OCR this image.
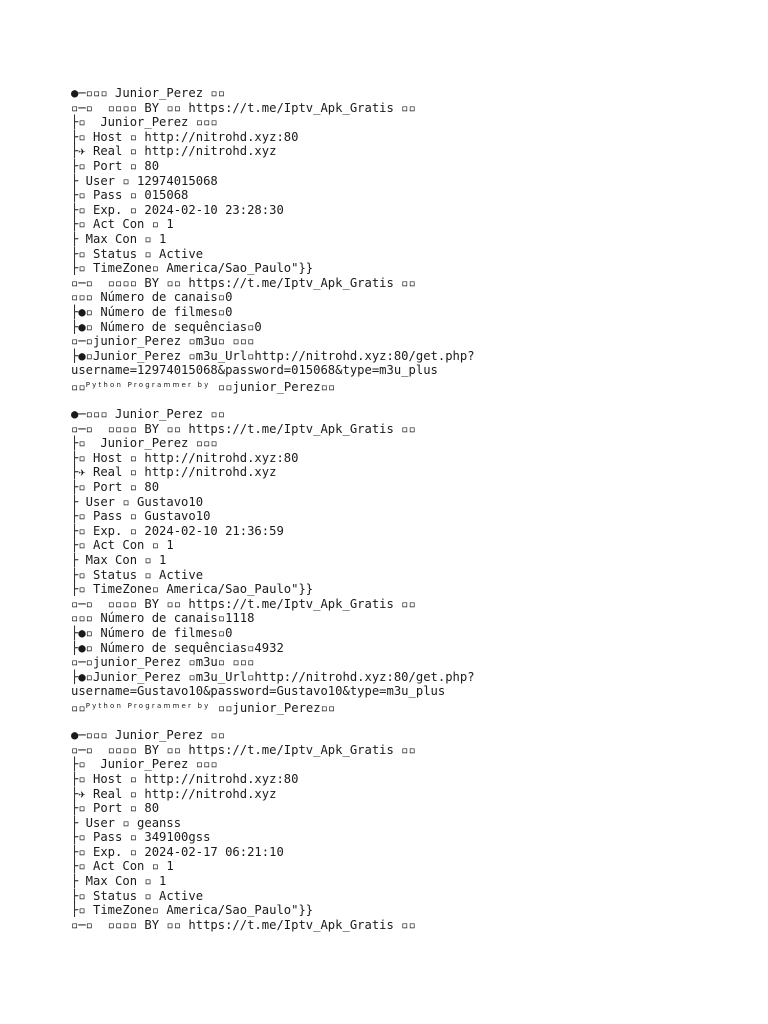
●─▫▫▫ Junior_Perez ▫▫
▫─▫  ▫▫▫▫ BY ▫▫ https://t.me/Iptv_Apk_Gratis ▫▫
├▫  Junior_Perez ▫▫▫
├▫ Host ▫ http://nitrohd.xyz:80
├✈ Real ▫ http://nitrohd.xyz
├▫ Port ▫ 80
├ User ▫ 12974015068
├▫ Pass ▫ 015068
├▫ Exp. ▫ 2024-02-10 23:28:30
├▫ Act Con ▫ 1
├ Max Con ▫ 1
├▫ Status ▫ Active
├▫ TimeZone▫ America/Sao_Paulo"}}
▫─▫  ▫▫▫▫ BY ▫▫ https://t.me/Iptv_Apk_Gratis ▫▫
▫▫▫ Número de canais▫0
├●▫ Número de filmes▫0
├●▫ Número de sequências▫0
▫─▫junior_Perez ▫m3u▫ ▫▫▫
├●▫Junior_Perez ▫m3u_Url▫http://nitrohd.xyz:80/get.php?
username=12974015068&password=015068&type=m3u_plus
▫▫$^{Python Programmer by}$ ▫▫junior_Perez▫▫
●─▫▫▫ Junior_Perez ▫▫
▫─▫  ▫▫▫▫ BY ▫▫ https://t.me/Iptv_Apk_Gratis ▫▫
├▫  Junior_Perez ▫▫▫
├▫ Host ▫ http://nitrohd.xyz:80
├✈ Real ▫ http://nitrohd.xyz
├▫ Port ▫ 80
├ User ▫ Gustavo10
├▫ Pass ▫ Gustavo10
├▫ Exp. ▫ 2024-02-10 21:36:59
├▫ Act Con ▫ 1
├ Max Con ▫ 1
├▫ Status ▫ Active
├▫ TimeZone▫ America/Sao_Paulo"}}
▫─▫  ▫▫▫▫ BY ▫▫ https://t.me/Iptv_Apk_Gratis ▫▫
▫▫▫ Número de canais▫1118
├●▫ Número de filmes▫0
├●▫ Número de sequências▫4932
▫─▫junior_Perez ▫m3u▫ ▫▫▫
├●▫Junior_Perez ▫m3u_Url▫http://nitrohd.xyz:80/get.php?
username=Gustavo10&password=Gustavo10&type=m3u_plus
▫▫$^{Python Programmer by}$ ▫▫junior_Perez▫▫
●─▫▫▫ Junior_Perez ▫▫
▫─▫  ▫▫▫▫ BY ▫▫ https://t.me/Iptv_Apk_Gratis ▫▫
├▫  Junior_Perez ▫▫▫
├▫ Host ▫ http://nitrohd.xyz:80
├✈ Real ▫ http://nitrohd.xyz
├▫ Port ▫ 80
├ User ▫ geanss
├▫ Pass ▫ 349100gss
├▫ Exp. ▫ 2024-02-17 06:21:10
├▫ Act Con ▫ 1
├ Max Con ▫ 1
├▫ Status ▫ Active
├▫ TimeZone▫ America/Sao_Paulo"}}
▫─▫  ▫▫▫▫ BY ▫▫ https://t.me/Iptv_Apk_Gratis ▫▫
